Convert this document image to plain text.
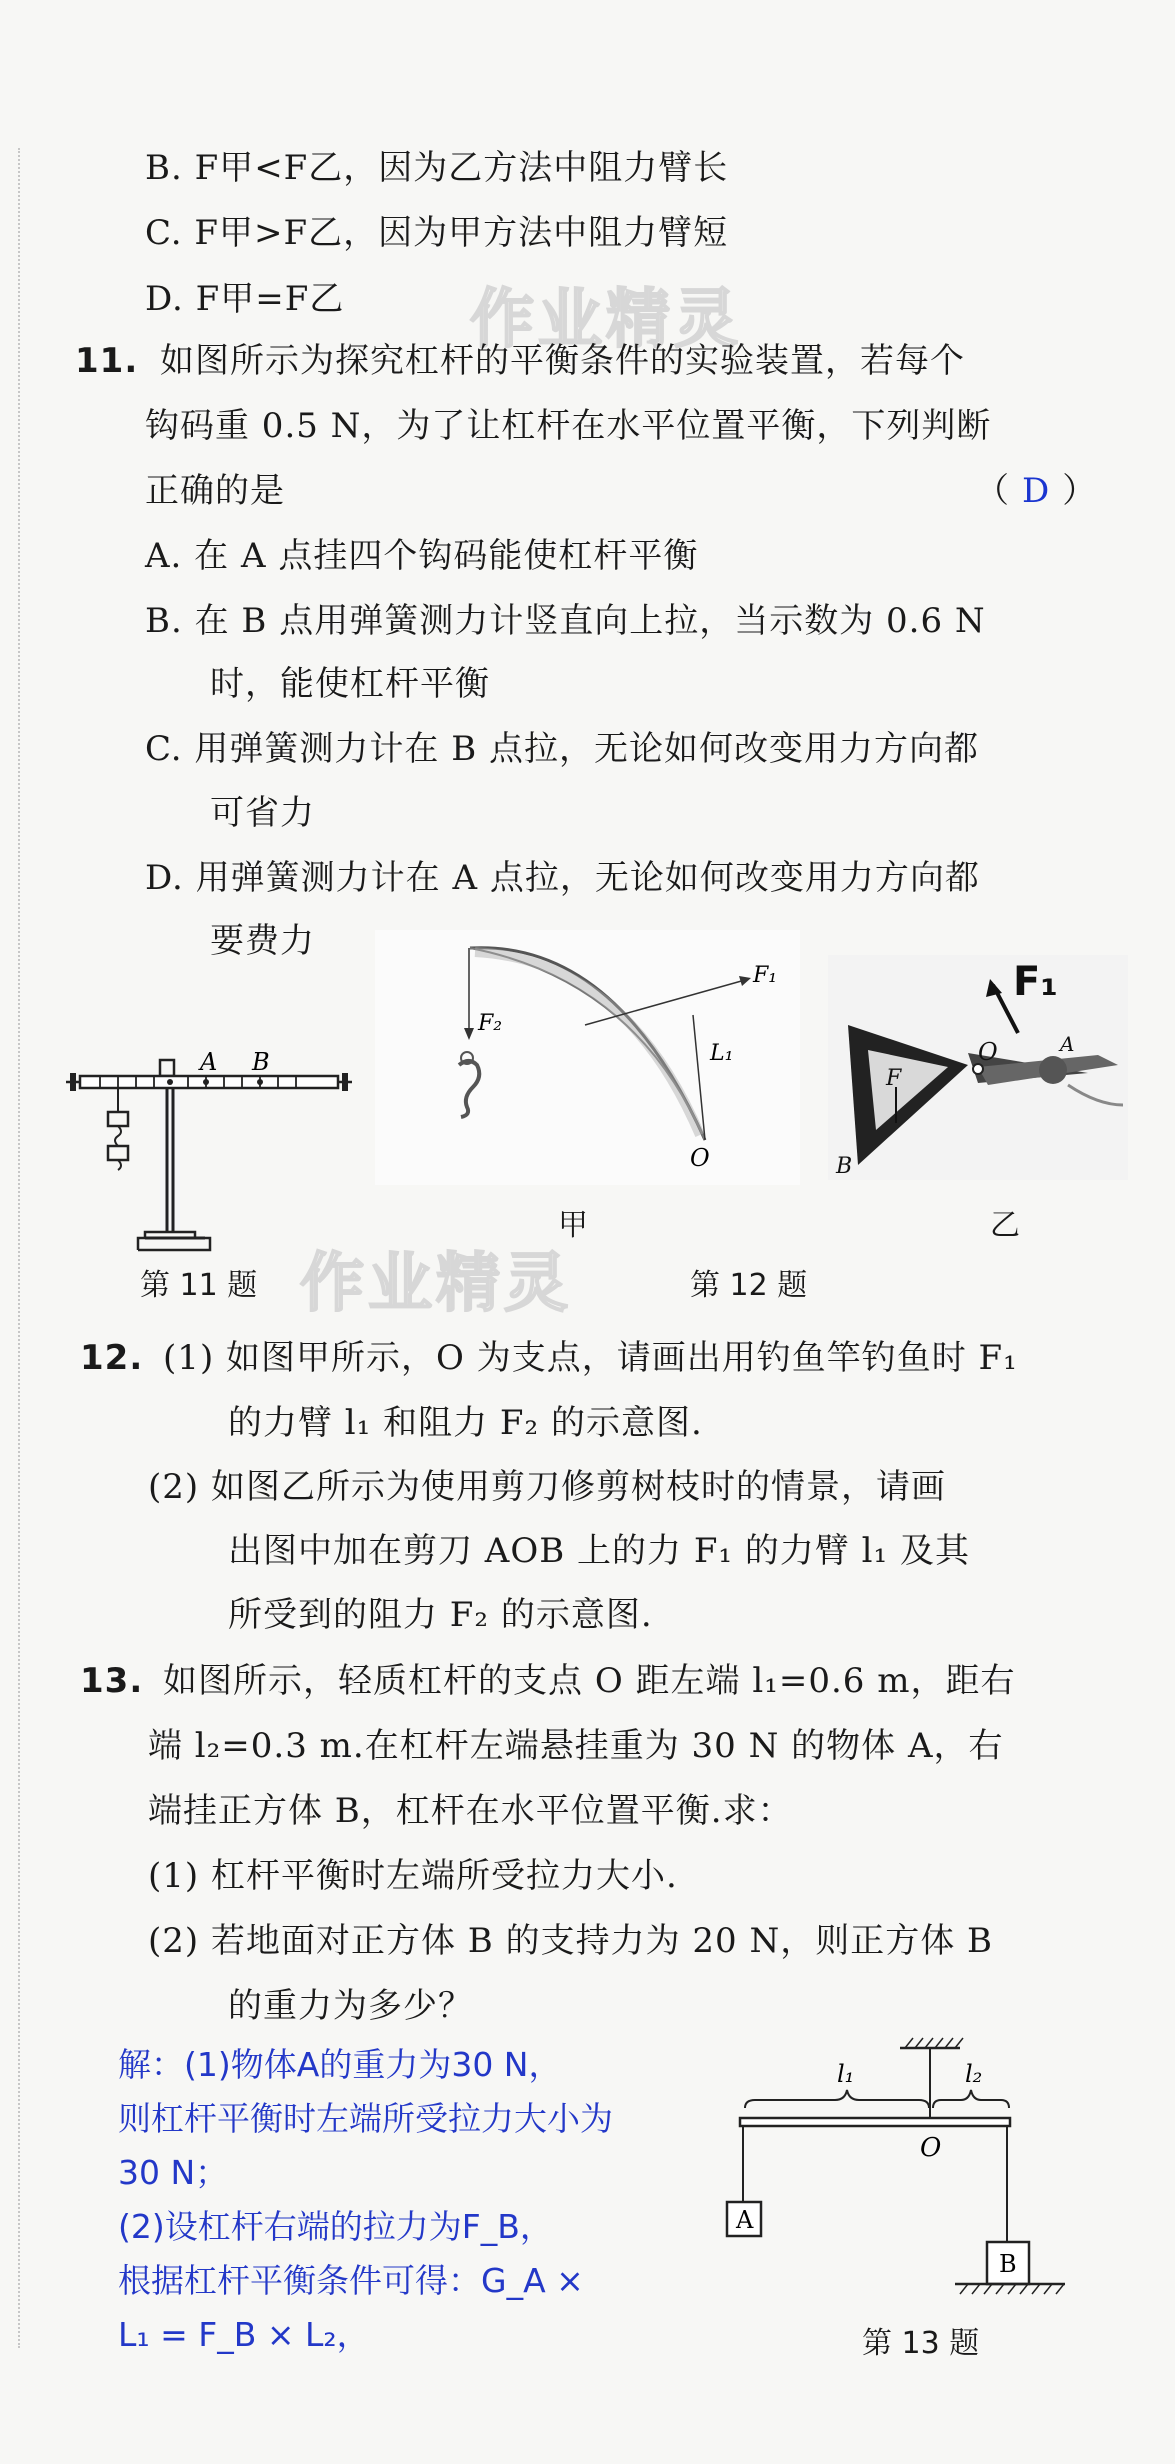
B. F甲<F乙，因为乙方法中阻力臂长
C. F甲>F乙，因为甲方法中阻力臂短
D. F甲=F乙 作业精灵
11. 如图所示为探究杠杆的平衡条件的实验装置，若每个
钩码重 0.5 N，为了让杠杆在水平位置平衡，下列判断
正确的是	（ D ）
A. 在 A 点挂四个钩码能使杠杆平衡
B. 在 B 点用弹簧测力计竖直向上拉，当示数为 0.6 N
时，能使杠杆平衡
C. 用弹簧测力计在 B 点拉，无论如何改变用力方向都
可省力
D. 用弹簧测力计在 A 点拉，无论如何改变用力方向都
要费力
A B
第 11 题
F₂
F₁
L₁
O
甲
O	A
B
F
F₁
乙
第 12 题
作业精灵
12. (1) 如图甲所示，O 为支点，请画出用钓鱼竿钓鱼时 F₁
的力臂 l₁ 和阻力 F₂ 的示意图.
(2) 如图乙所示为使用剪刀修剪树枝时的情景，请画
出图中加在剪刀 AOB 上的力 F₁ 的力臂 l₁ 及其
所受到的阻力 F₂ 的示意图.
13. 如图所示，轻质杠杆的支点 O 距左端 l₁=0.6 m，距右
端 l₂=0.3 m.在杠杆左端悬挂重为 30 N 的物体 A，右
端挂正方体 B，杠杆在水平位置平衡.求：
(1) 杠杆平衡时左端所受拉力大小.
(2) 若地面对正方体 B 的支持力为 20 N，则正方体 B
的重力为多少？
解：(1)物体A的重力为30 N，
则杠杆平衡时左端所受拉力大小为
30 N；
(2)设杠杆右端的拉力为F_B，
根据杠杆平衡条件可得：G_A ×
L₁ = F_B × L₂，
l₁	l₂
O
A
B
第 13 题
